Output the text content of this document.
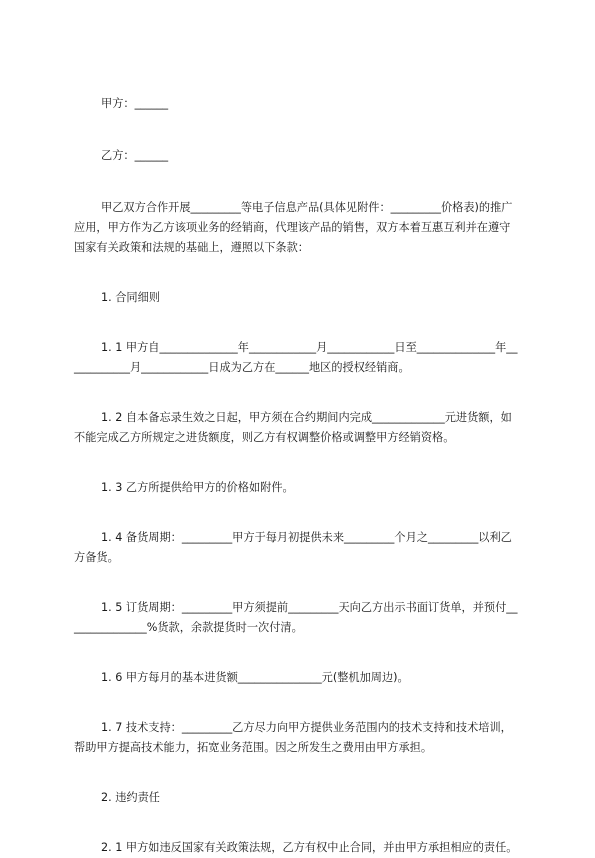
甲方：______

乙方：______

甲乙双方合作开展_________等电子信息产品(具体见附件：_________价格表)的推广应用，甲方作为乙方该项业务的经销商，代理该产品的销售，双方本着互惠互利并在遵守国家有关政策和法规的基础上，遵照以下条款：

1. 合同细则

1. 1 甲方自______________年____________月____________日至______________年____________月____________日成为乙方在______地区的授权经销商。

1. 2 自本备忘录生效之日起，甲方须在合约期间内完成_____________元进货额，如不能完成乙方所规定之进货额度，则乙方有权调整价格或调整甲方经销资格。

1. 3 乙方所提供给甲方的价格如附件。

1. 4 备货周期：_________甲方于每月初提供未来_________个月之_________以利乙方备货。

1. 5 订货周期：_________甲方须提前_________天向乙方出示书面订货单，并预付_______________%货款，余款提货时一次付清。

1. 6 甲方每月的基本进货额_______________元(整机加周边)。

1. 7 技术支持：_________乙方尽力向甲方提供业务范围内的技术支持和技术培训，帮助甲方提高技术能力，拓宽业务范围。因之所发生之费用由甲方承担。

2. 违约责任

2. 1 甲方如违反国家有关政策法规，乙方有权中止合同，并由甲方承担相应的责任。
